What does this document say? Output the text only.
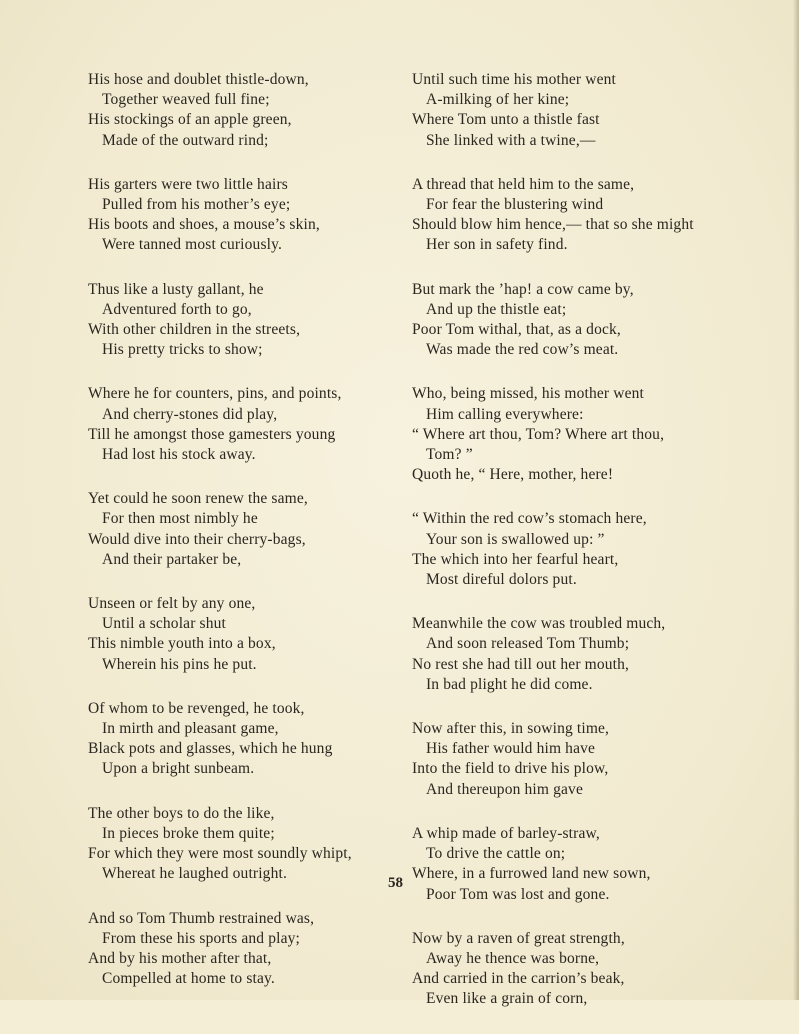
His hose and doublet thistle-down,
Together weaved full fine;
His stockings of an apple green,
Made of the outward rind;
His garters were two little hairs
Pulled from his mother’s eye;
His boots and shoes, a mouse’s skin,
Were tanned most curiously.
Thus like a lusty gallant, he
Adventured forth to go,
With other children in the streets,
His pretty tricks to show;
Where he for counters, pins, and points,
And cherry-stones did play,
Till he amongst those gamesters young
Had lost his stock away.
Yet could he soon renew the same,
For then most nimbly he
Would dive into their cherry-bags,
And their partaker be,
Unseen or felt by any one,
Until a scholar shut
This nimble youth into a box,
Wherein his pins he put.
Of whom to be revenged, he took,
In mirth and pleasant game,
Black pots and glasses, which he hung
Upon a bright sunbeam.
The other boys to do the like,
In pieces broke them quite;
For which they were most soundly whipt,
Whereat he laughed outright.
And so Tom Thumb restrained was,
From these his sports and play;
And by his mother after that,
Compelled at home to stay.
Until such time his mother went
A-milking of her kine;
Where Tom unto a thistle fast
She linked with a twine,—
A thread that held him to the same,
For fear the blustering wind
Should blow him hence,— that so she might
Her son in safety find.
But mark the ’hap! a cow came by,
And up the thistle eat;
Poor Tom withal, that, as a dock,
Was made the red cow’s meat.
Who, being missed, his mother went
Him calling everywhere:
“ Where art thou, Tom? Where art thou,
Tom? ”
Quoth he, “ Here, mother, here!
“ Within the red cow’s stomach here,
Your son is swallowed up: ”
The which into her fearful heart,
Most direful dolors put.
Meanwhile the cow was troubled much,
And soon released Tom Thumb;
No rest she had till out her mouth,
In bad plight he did come.
Now after this, in sowing time,
His father would him have
Into the field to drive his plow,
And thereupon him gave
A whip made of barley-straw,
To drive the cattle on;
Where, in a furrowed land new sown,
Poor Tom was lost and gone.
Now by a raven of great strength,
Away he thence was borne,
And carried in the carrion’s beak,
Even like a grain of corn,
58
